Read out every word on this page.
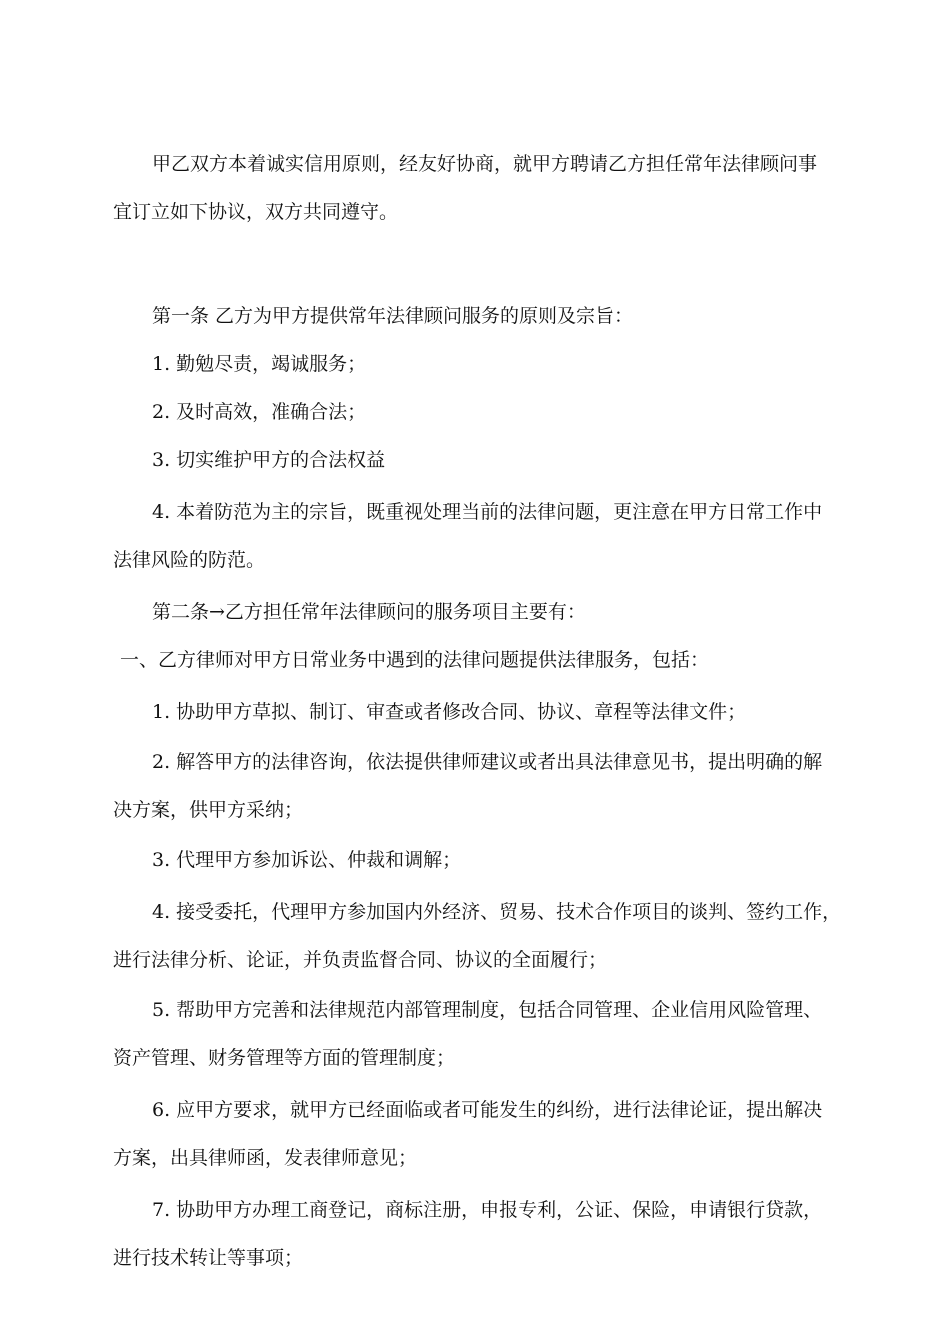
甲乙双方本着诚实信用原则，经友好协商，就甲方聘请乙方担任常年法律顾问事

宜订立如下协议，双方共同遵守。

第一条 乙方为甲方提供常年法律顾问服务的原则及宗旨：

1. 勤勉尽责，竭诚服务；

2. 及时高效，准确合法；

3. 切实维护甲方的合法权益

4. 本着防范为主的宗旨，既重视处理当前的法律问题，更注意在甲方日常工作中

法律风险的防范。

第二条→乙方担任常年法律顾问的服务项目主要有：

一、乙方律师对甲方日常业务中遇到的法律问题提供法律服务，包括：

1. 协助甲方草拟、制订、审查或者修改合同、协议、章程等法律文件；

2. 解答甲方的法律咨询，依法提供律师建议或者出具法律意见书，提出明确的解

决方案，供甲方采纳；

3. 代理甲方参加诉讼、仲裁和调解；

4. 接受委托，代理甲方参加国内外经济、贸易、技术合作项目的谈判、签约工作，

进行法律分析、论证，并负责监督合同、协议的全面履行；

5. 帮助甲方完善和法律规范内部管理制度，包括合同管理、企业信用风险管理、

资产管理、财务管理等方面的管理制度；

6. 应甲方要求，就甲方已经面临或者可能发生的纠纷，进行法律论证，提出解决

方案，出具律师函，发表律师意见；

7. 协助甲方办理工商登记，商标注册，申报专利，公证、保险，申请银行贷款，

进行技术转让等事项；
